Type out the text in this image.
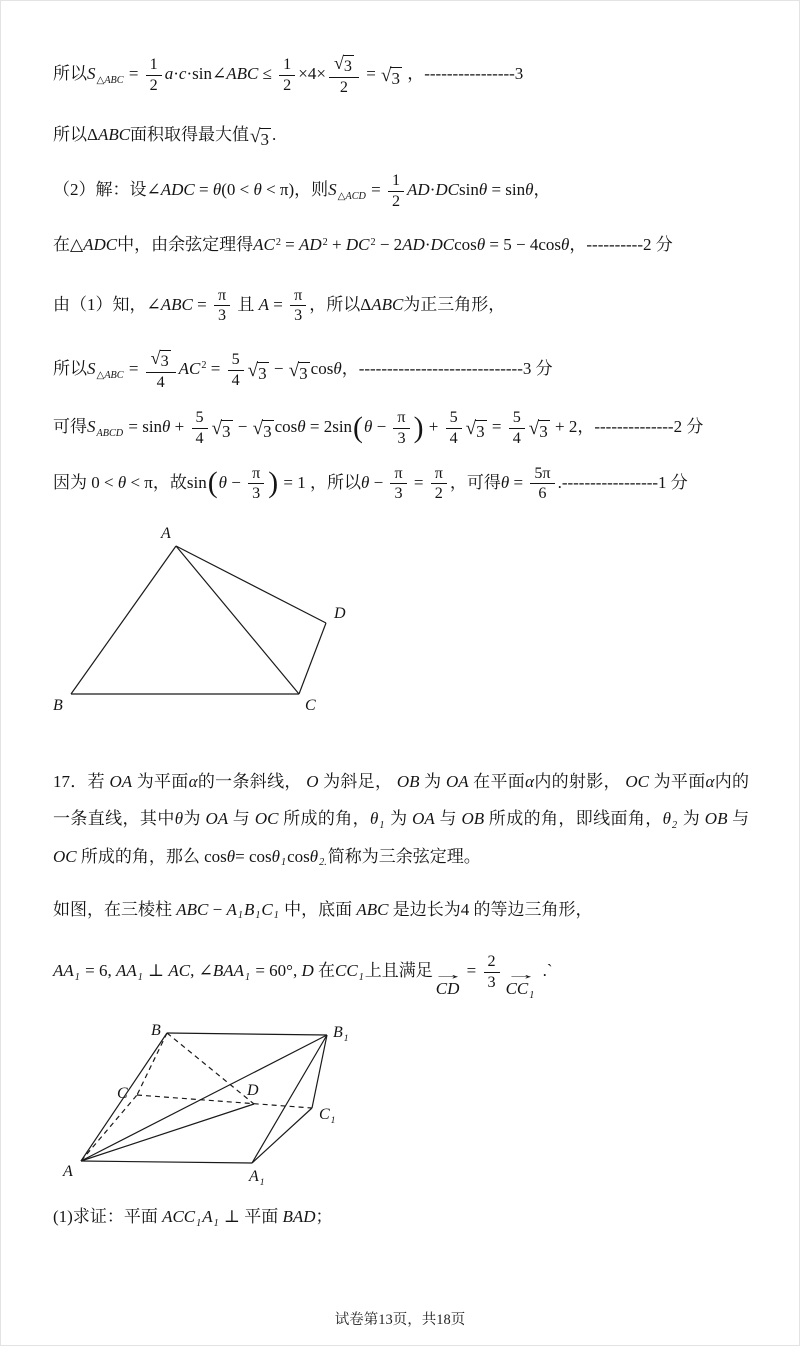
所以$S_{\triangle ABC} = \frac{1}{2}$ a·c·sin∠ABC ≤ $\frac{1}{2} \times 4\times \frac{√ 3}{2}$ = √ 3 ，----------------3
所以ΔABC面积取得最大值 √ 3 .
（2）解：设∠ADC = θ(0 < θ < π)，则$S_{\triangle ACD} = \frac{1}{2} AD\cdot DCsin\theta = \sin\theta$，
在△ADC中，由余弦定理得$AC^2 = AD^2 + DC^2 - 2AD\cdot DCcos\theta = 5 - 4\cos\theta$，----------2 分
由（1）知，∠ABC = $\frac{\pi}{3}$ 且 $A = \frac{\pi}{3}$ ，所以ΔABC为正三角形，
所以$S_{\triangle ABC} = \frac{√ 3}{4} AC^2 = \frac{5}{4}$ √ 3 − √ 3 cosθ，-----------------------------3 分
可得$S_{ABCD} = \sin\theta + \frac{5}{4}$ √ 3 − √ 3 $\cos\theta = 2\sin(\theta - \frac{\pi}{3}$ ) + $\frac{5}{4}$ √ $3 = \frac{5}{4}$ √ 3 + 2，--------------2 分
因为 0 < θ < π，故$\sin(\theta - \frac{\pi}{3}$ ) = 1 ，所以$\theta - \frac{\pi}{3} = \frac{\pi}{2}$ ，可得$\theta = \frac{5\pi}{6} .-----------------1$ 分
A
D
B	C

17．若 OA 为平面α的一条斜线， O 为斜足， OB 为 OA 在平面α内的射影， OC 为平面α内的一条直线，其中θ为 OA 与 OC 所成的角，$\theta_1$ 为 OA 与 OB 所成的角，即线面角，$\theta_2$ 为 OB 与 OC 所成的角，那么 cosθ= cosθ$_1$cosθ$_{2.}$简称为三余弦定理。

如图，在三棱柱 ABC − $A_1B_1C_1$ 中，底面 ABC 是边长为4 的等边三角形，

$AA_1 = 6$, $AA_1$ ⊥ AC, $\angle BAA_1 = 60^\circ$, D 在$CC_1$上且满足
→
CD
= $\frac{2}{3}$ →
$CC_1$
.`
B	$B_1$
C	D
$C_1$
A	$A_1$
(1)求证：平面 $ACC_1A_1$ ⊥ 平面 BAD；
试卷第13页，共18页
